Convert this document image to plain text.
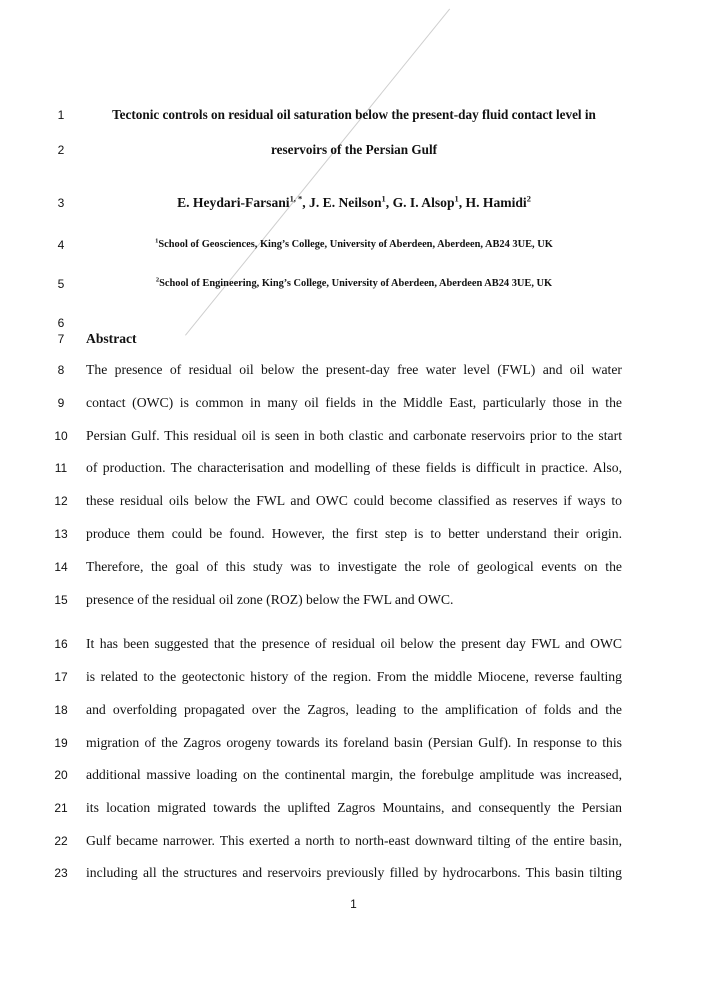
1
2
3
4
5
6
7
8
9
10
11
12
13
14
15
16
17
18
19
20
21
22
23
Tectonic controls on residual oil saturation below the present-day fluid contact level in
reservoirs of the Persian Gulf
E. Heydari-Farsani$^{1, *}$, J. E. Neilson$^1$, G. I. Alsop$^1$, H. Hamidi$^2$
$^1$School of Geosciences, King’s College, University of Aberdeen, Aberdeen, AB24 3UE, UK
$^2$School of Engineering, King’s College, University of Aberdeen, Aberdeen AB24 3UE, UK
Abstract
The presence of residual oil below the present-day free water level (FWL) and oil water
contact (OWC) is common in many oil fields in the Middle East, particularly those in the
Persian Gulf. This residual oil is seen in both clastic and carbonate reservoirs prior to the start
of production. The characterisation and modelling of these fields is difficult in practice. Also,
these residual oils below the FWL and OWC could become classified as reserves if ways to
produce them could be found. However, the first step is to better understand their origin.
Therefore, the goal of this study was to investigate the role of geological events on the
presence of the residual oil zone (ROZ) below the FWL and OWC.
It has been suggested that the presence of residual oil below the present day FWL and OWC
is related to the geotectonic history of the region. From the middle Miocene, reverse faulting
and overfolding propagated over the Zagros, leading to the amplification of folds and the
migration of the Zagros orogeny towards its foreland basin (Persian Gulf). In response to this
additional massive loading on the continental margin, the forebulge amplitude was increased,
its location migrated towards the uplifted Zagros Mountains, and consequently the Persian
Gulf became narrower. This exerted a north to north-east downward tilting of the entire basin,
including all the structures and reservoirs previously filled by hydrocarbons. This basin tilting
1
